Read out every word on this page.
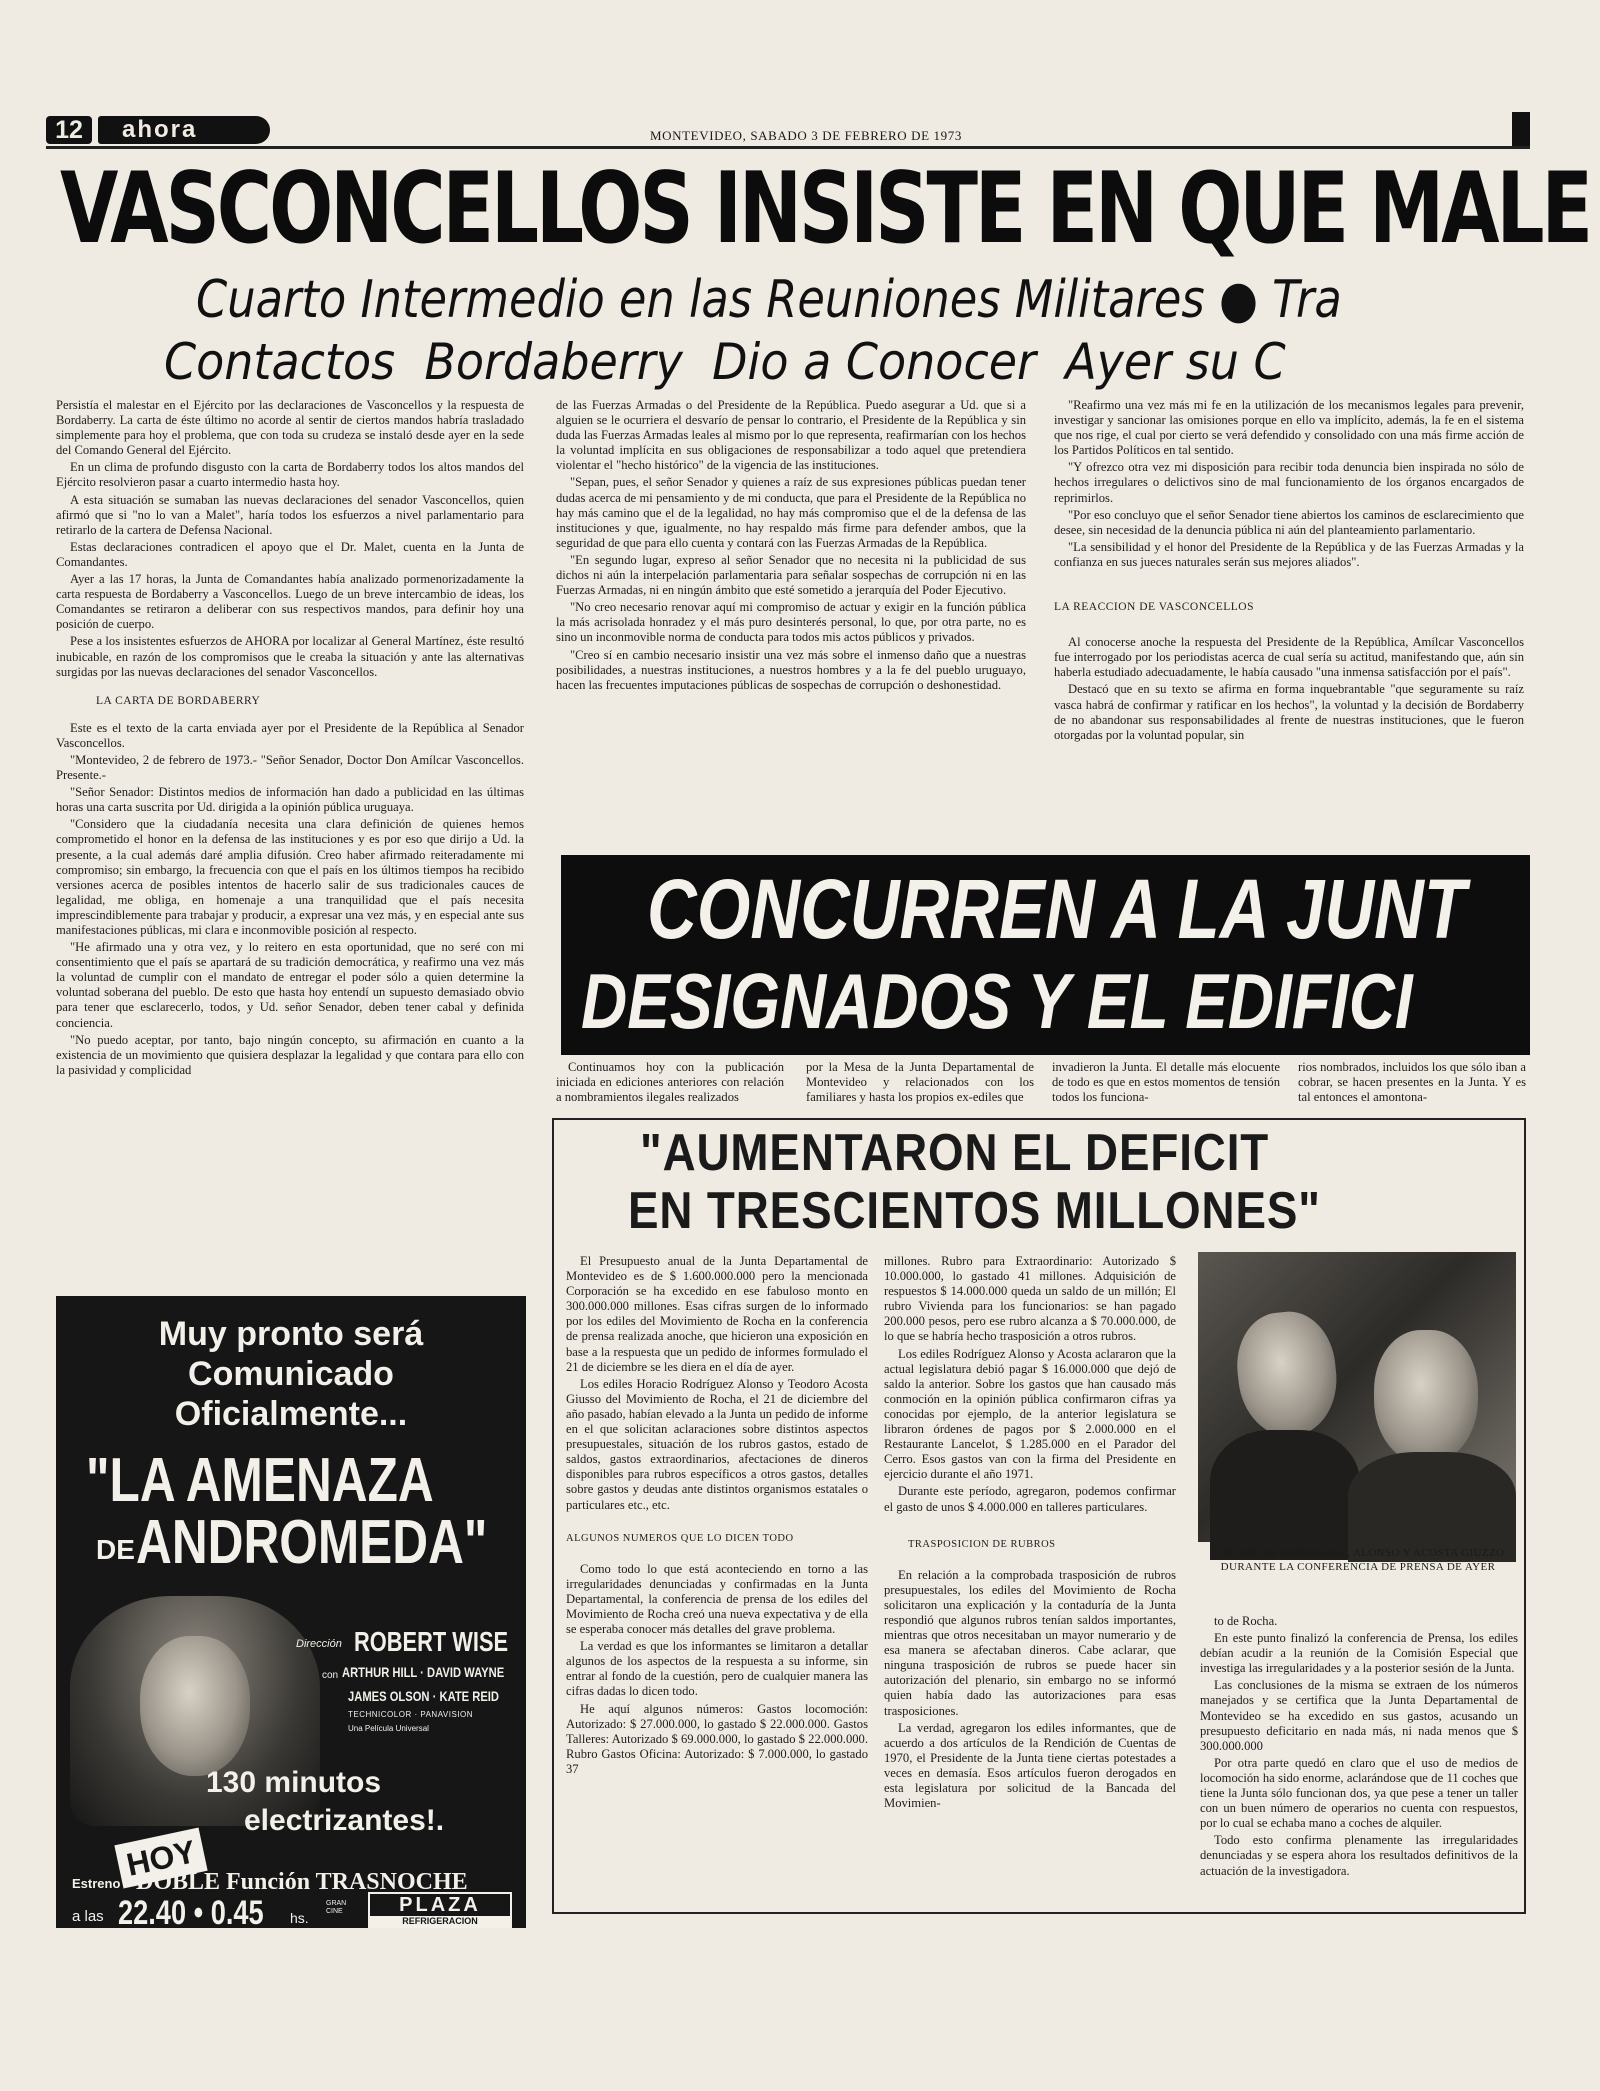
12	ahora	MONTEVIDEO, SABADO 3 DE FEBRERO DE 1973
VASCONCELLOS INSISTE EN QUE MALE
Cuarto Intermedio en las Reuniones Militares ● Tra
Contactos  Bordaberry  Dio a Conocer  Ayer su C

Persistía el malestar en el Ejército por las declaraciones de Vasconcellos y la respuesta de Bordaberry. La carta de éste último no acorde al sentir de ciertos mandos habría trasladado simplemente para hoy el problema, que con toda su crudeza se instaló desde ayer en la sede del Comando General del Ejército.

En un clima de profundo disgusto con la carta de Bordaberry todos los altos mandos del Ejército resolvieron pasar a cuarto intermedio hasta hoy.

A esta situación se sumaban las nuevas declaraciones del senador Vasconcellos, quien afirmó que si "no lo van a Malet", haría todos los esfuerzos a nivel parlamentario para retirarlo de la cartera de Defensa Nacional.

Estas declaraciones contradicen el apoyo que el Dr. Malet, cuenta en la Junta de Comandantes.

Ayer a las 17 horas, la Junta de Comandantes había analizado pormenorizadamente la carta respuesta de Bordaberry a Vasconcellos. Luego de un breve intercambio de ideas, los Comandantes se retiraron a deliberar con sus respectivos mandos, para definir hoy una posición de cuerpo.

Pese a los insistentes esfuerzos de AHORA por localizar al General Martínez, éste resultó inubicable, en razón de los compromisos que le creaba la situación y ante las alternativas surgidas por las nuevas declaraciones del senador Vasconcellos.

LA CARTA DE BORDABERRY

Este es el texto de la carta enviada ayer por el Presidente de la República al Senador Vasconcellos.

"Montevideo, 2 de febrero de 1973.- "Señor Senador, Doctor Don Amílcar Vasconcellos. Presente.-

"Señor Senador: Distintos medios de información han dado a publicidad en las últimas horas una carta suscrita por Ud. dirigida a la opinión pública uruguaya.

"Considero que la ciudadanía necesita una clara definición de quienes hemos comprometido el honor en la defensa de las instituciones y es por eso que dirijo a Ud. la presente, a la cual además daré amplia difusión. Creo haber afirmado reiteradamente mi compromiso; sin embargo, la frecuencia con que el país en los últimos tiempos ha recibido versiones acerca de posibles intentos de hacerlo salir de sus tradicionales cauces de legalidad, me obliga, en homenaje a una tranquilidad que el país necesita imprescindiblemente para trabajar y producir, a expresar una vez más, y en especial ante sus manifestaciones públicas, mi clara e inconmovible posición al respecto.

"He afirmado una y otra vez, y lo reitero en esta oportunidad, que no seré con mi consentimiento que el país se apartará de su tradición democrática, y reafirmo una vez más la voluntad de cumplir con el mandato de entregar el poder sólo a quien determine la voluntad soberana del pueblo. De esto que hasta hoy entendí un supuesto demasiado obvio para tener que esclarecerlo, todos, y Ud. señor Senador, deben tener cabal y definida conciencia.

"No puedo aceptar, por tanto, bajo ningún concepto, su afirmación en cuanto a la existencia de un movimiento que quisiera desplazar la legalidad y que contara para ello con la pasividad y complicidad

de las Fuerzas Armadas o del Presidente de la República. Puedo asegurar a Ud. que si a alguien se le ocurriera el desvarío de pensar lo contrario, el Presidente de la República y sin duda las Fuerzas Armadas leales al mismo por lo que representa, reafirmarían con los hechos la voluntad implícita en sus obligaciones de responsabilizar a todo aquel que pretendiera violentar el "hecho histórico" de la vigencia de las instituciones.

"Sepan, pues, el señor Senador y quienes a raíz de sus expresiones públicas puedan tener dudas acerca de mi pensamiento y de mi conducta, que para el Presidente de la República no hay más camino que el de la legalidad, no hay más compromiso que el de la defensa de las instituciones y que, igualmente, no hay respaldo más firme para defender ambos, que la seguridad de que para ello cuenta y contará con las Fuerzas Armadas de la República.

"En segundo lugar, expreso al señor Senador que no necesita ni la publicidad de sus dichos ni aún la interpelación parlamentaria para señalar sospechas de corrupción ni en las Fuerzas Armadas, ni en ningún ámbito que esté sometido a jerarquía del Poder Ejecutivo.

"No creo necesario renovar aquí mi compromiso de actuar y exigir en la función pública la más acrisolada honradez y el más puro desinterés personal, lo que, por otra parte, no es sino un inconmovible norma de conducta para todos mis actos públicos y privados.

"Creo sí en cambio necesario insistir una vez más sobre el inmenso daño que a nuestras posibilidades, a nuestras instituciones, a nuestros hombres y a la fe del pueblo uruguayo, hacen las frecuentes imputaciones públicas de sospechas de corrupción o deshonestidad.

"Reafirmo una vez más mi fe en la utilización de los mecanismos legales para prevenir, investigar y sancionar las omisiones porque en ello va implícito, además, la fe en el sistema que nos rige, el cual por cierto se verá defendido y consolidado con una más firme acción de los Partidos Políticos en tal sentido.

"Y ofrezco otra vez mi disposición para recibir toda denuncia bien inspirada no sólo de hechos irregulares o delictivos sino de mal funcionamiento de los órganos encargados de reprimirlos.

"Por eso concluyo que el señor Senador tiene abiertos los caminos de esclarecimiento que desee, sin necesidad de la denuncia pública ni aún del planteamiento parlamentario.

"La sensibilidad y el honor del Presidente de la República y de las Fuerzas Armadas y la confianza en sus jueces naturales serán sus mejores aliados".

LA REACCION DE VASCONCELLOS

Al conocerse anoche la respuesta del Presidente de la República, Amílcar Vasconcellos fue interrogado por los periodistas acerca de cual sería su actitud, manifestando que, aún sin haberla estudiado adecuadamente, le había causado "una inmensa satisfacción por el país".

Destacó que en su texto se afirma en forma inquebrantable "que seguramente su raíz vasca habrá de confirmar y ratificar en los hechos", la voluntad y la decisión de Bordaberry de no abandonar sus responsabilidades al frente de nuestras instituciones, que le fueron otorgadas por la voluntad popular, sin

CONCURREN A LA JUNT
DESIGNADOS Y EL EDIFICI
Continuamos hoy con la publicación iniciada en ediciones anteriores con relación a nombramientos ilegales realizados
por la Mesa de la Junta Departamental de Montevideo y relacionados con los familiares y hasta los propios ex-ediles que
invadieron la Junta. El detalle más elocuente de todo es que en estos momentos de tensión todos los funciona-
rios nombrados, incluidos los que sólo iban a cobrar, se hacen presentes en la Junta. Y es tal entonces el amontona-
"AUMENTARON EL DEFICIT
EN TRESCIENTOS MILLONES"

El Presupuesto anual de la Junta Departamental de Montevideo es de $ 1.600.000.000 pero la mencionada Corporación se ha excedido en ese fabuloso monto en 300.000.000 millones. Esas cifras surgen de lo informado por los ediles del Movimiento de Rocha en la conferencia de prensa realizada anoche, que hicieron una exposición en base a la respuesta que un pedido de informes formulado el 21 de diciembre se les diera en el día de ayer.

Los ediles Horacio Rodríguez Alonso y Teodoro Acosta Giusso del Movimiento de Rocha, el 21 de diciembre del año pasado, habían elevado a la Junta un pedido de informe en el que solicitan aclaraciones sobre distintos aspectos presupuestales, situación de los rubros gastos, estado de saldos, gastos extraordinarios, afectaciones de dineros disponibles para rubros específicos a otros gastos, detalles sobre gastos y deudas ante distintos organismos estatales o particulares etc., etc.

ALGUNOS NUMEROS QUE LO DICEN TODO

Como todo lo que está aconteciendo en torno a las irregularidades denunciadas y confirmadas en la Junta Departamental, la conferencia de prensa de los ediles del Movimiento de Rocha creó una nueva expectativa y de ella se esperaba conocer más detalles del grave problema.

La verdad es que los informantes se limitaron a detallar algunos de los aspectos de la respuesta a su informe, sin entrar al fondo de la cuestión, pero de cualquier manera las cifras dadas lo dicen todo.

He aquí algunos números: Gastos locomoción: Autorizado: $ 27.000.000, lo gastado $ 22.000.000. Gastos Talleres: Autorizado $ 69.000.000, lo gastado $ 22.000.000. Rubro Gastos Oficina: Autorizado: $ 7.000.000, lo gastado 37

millones. Rubro para Extraordinario: Autorizado $ 10.000.000, lo gastado 41 millones. Adquisición de respuestos $ 14.000.000 queda un saldo de un millón; El rubro Vivienda para los funcionarios: se han pagado 200.000 pesos, pero ese rubro alcanza a $ 70.000.000, de lo que se habría hecho trasposición a otros rubros.

Los ediles Rodríguez Alonso y Acosta aclararon que la actual legislatura debió pagar $ 16.000.000 que dejó de saldo la anterior. Sobre los gastos que han causado más conmoción en la opinión pública confirmaron cifras ya conocidas por ejemplo, de la anterior legislatura se libraron órdenes de pagos por $ 2.000.000 en el Restaurante Lancelot, $ 1.285.000 en el Parador del Cerro. Esos gastos van con la firma del Presidente en ejercicio durante el año 1971.

Durante este período, agregaron, podemos confirmar el gasto de unos $ 4.000.000 en talleres particulares.

TRASPOSICION DE RUBROS

En relación a la comprobada trasposición de rubros presupuestales, los ediles del Movimiento de Rocha solicitaron una explicación y la contaduría de la Junta respondió que algunos rubros tenían saldos importantes, mientras que otros necesitaban un mayor numerario y de esa manera se afectaban dineros. Cabe aclarar, que ninguna trasposición de rubros se puede hacer sin autorización del plenario, sin embargo no se informó quien había dado las autorizaciones para esas trasposiciones.

La verdad, agregaron los ediles informantes, que de acuerdo a dos artículos de la Rendición de Cuentas de 1970, el Presidente de la Junta tiene ciertas potestades a veces en demasía. Esos artículos fueron derogados en esta legislatura por solicitud de la Bancada del Movimien-

LOS EDILES RODRIGUEZ, ALONSO Y ACOSTA GIUZZO DURANTE LA CONFERENCIA DE PRENSA DE AYER

to de Rocha.

En este punto finalizó la conferencia de Prensa, los ediles debían acudir a la reunión de la Comisión Especial que investiga las irregularidades y a la posterior sesión de la Junta.

Las conclusiones de la misma se extraen de los números manejados y se certifica que la Junta Departamental de Montevideo se ha excedido en sus gastos, acusando un presupuesto deficitario en nada más, ni nada menos que $ 300.000.000

Por otra parte quedó en claro que el uso de medios de locomoción ha sido enorme, aclarándose que de 11 coches que tiene la Junta sólo funcionan dos, ya que pese a tener un taller con un buen número de operarios no cuenta con respuestos, por lo cual se echaba mano a coches de alquiler.

Todo esto confirma plenamente las irregularidades denunciadas y se espera ahora los resultados definitivos de la actuación de la investigadora.

Muy pronto será
Comunicado
Oficialmente...
"LA AMENAZA
DE ANDROMEDA"
Dirección ROBERT WISE
con ARTHUR HILL · DAVID WAYNE
JAMES OLSON · KATE REID
TECHNICOLOR · PANAVISION
Una Película Universal
130 minutos
electrizantes!.
HOY
Estreno DOBLE Función TRASNOCHE
a las 22.40 • 0.45 hs.
GRAN CINE	PLAZA
REFRIGERACION
